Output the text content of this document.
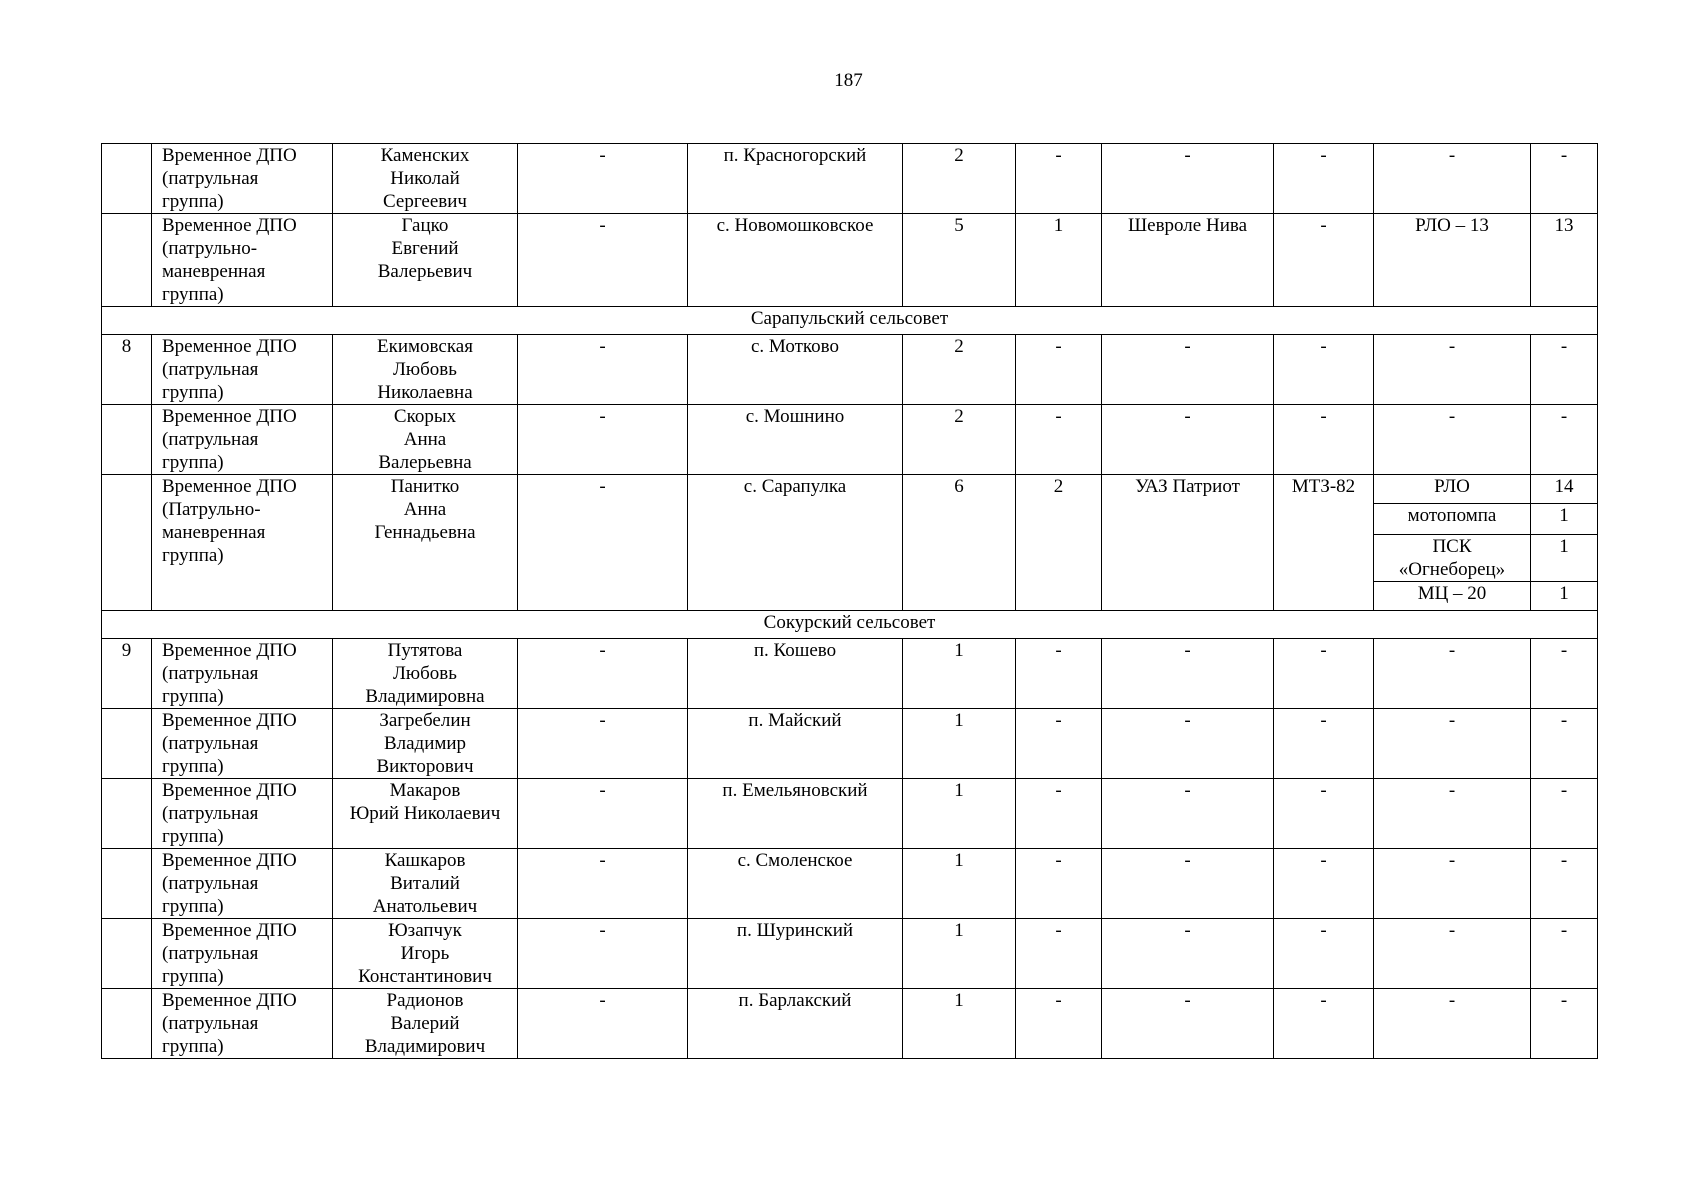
187

	Временное ДПО
(патрульная
группа)	Каменских
Николай
Сергеевич	-	п. Красногорский	2	-	-	-	-	-

	Временное ДПО
(патрульно-
маневренная
группа)	Гацко
Евгений
Валерьевич	-	с. Новомошковское	5	1	Шевроле Нива	-	РЛО – 13	13
Сарапульский сельсовет										
8	Временное ДПО
(патрульная
группа)	Екимовская
Любовь
Николаевна	-	с. Мотково	2	-	-	-	-	-

	Временное ДПО
(патрульная
группа)	Скорых
Анна
Валерьевна	-	с. Мошнино	2	-	-	-	-	-

	Временное ДПО
(Патрульно-
маневренная
группа)	Панитко
Анна
Геннадьевна	-	с. Сарапулка	6	2	УАЗ Патриот	МТЗ-82	РЛО	14

									мотопомпа	1

									ПСК
«Огнеборец»	1

									МЦ – 20	1
Сокурский сельсовет										
9	Временное ДПО
(патрульная
группа)	Путятова
Любовь
Владимировна	-	п. Кошево	1	-	-	-	-	-

	Временное ДПО
(патрульная
группа)	Загребелин
Владимир
Викторович	-	п. Майский	1	-	-	-	-	-

	Временное ДПО
(патрульная
группа)	Макаров
Юрий Николаевич	-	п. Емельяновский	1	-	-	-	-	-

	Временное ДПО
(патрульная
группа)	Кашкаров
Виталий
Анатольевич	-	с. Смоленское	1	-	-	-	-	-

	Временное ДПО
(патрульная
группа)	Юзапчук
Игорь
Константинович	-	п. Шуринский	1	-	-	-	-	-

	Временное ДПО
(патрульная
группа)	Радионов
Валерий
Владимирович	-	п. Барлакский	1	-	-	-	-	-
